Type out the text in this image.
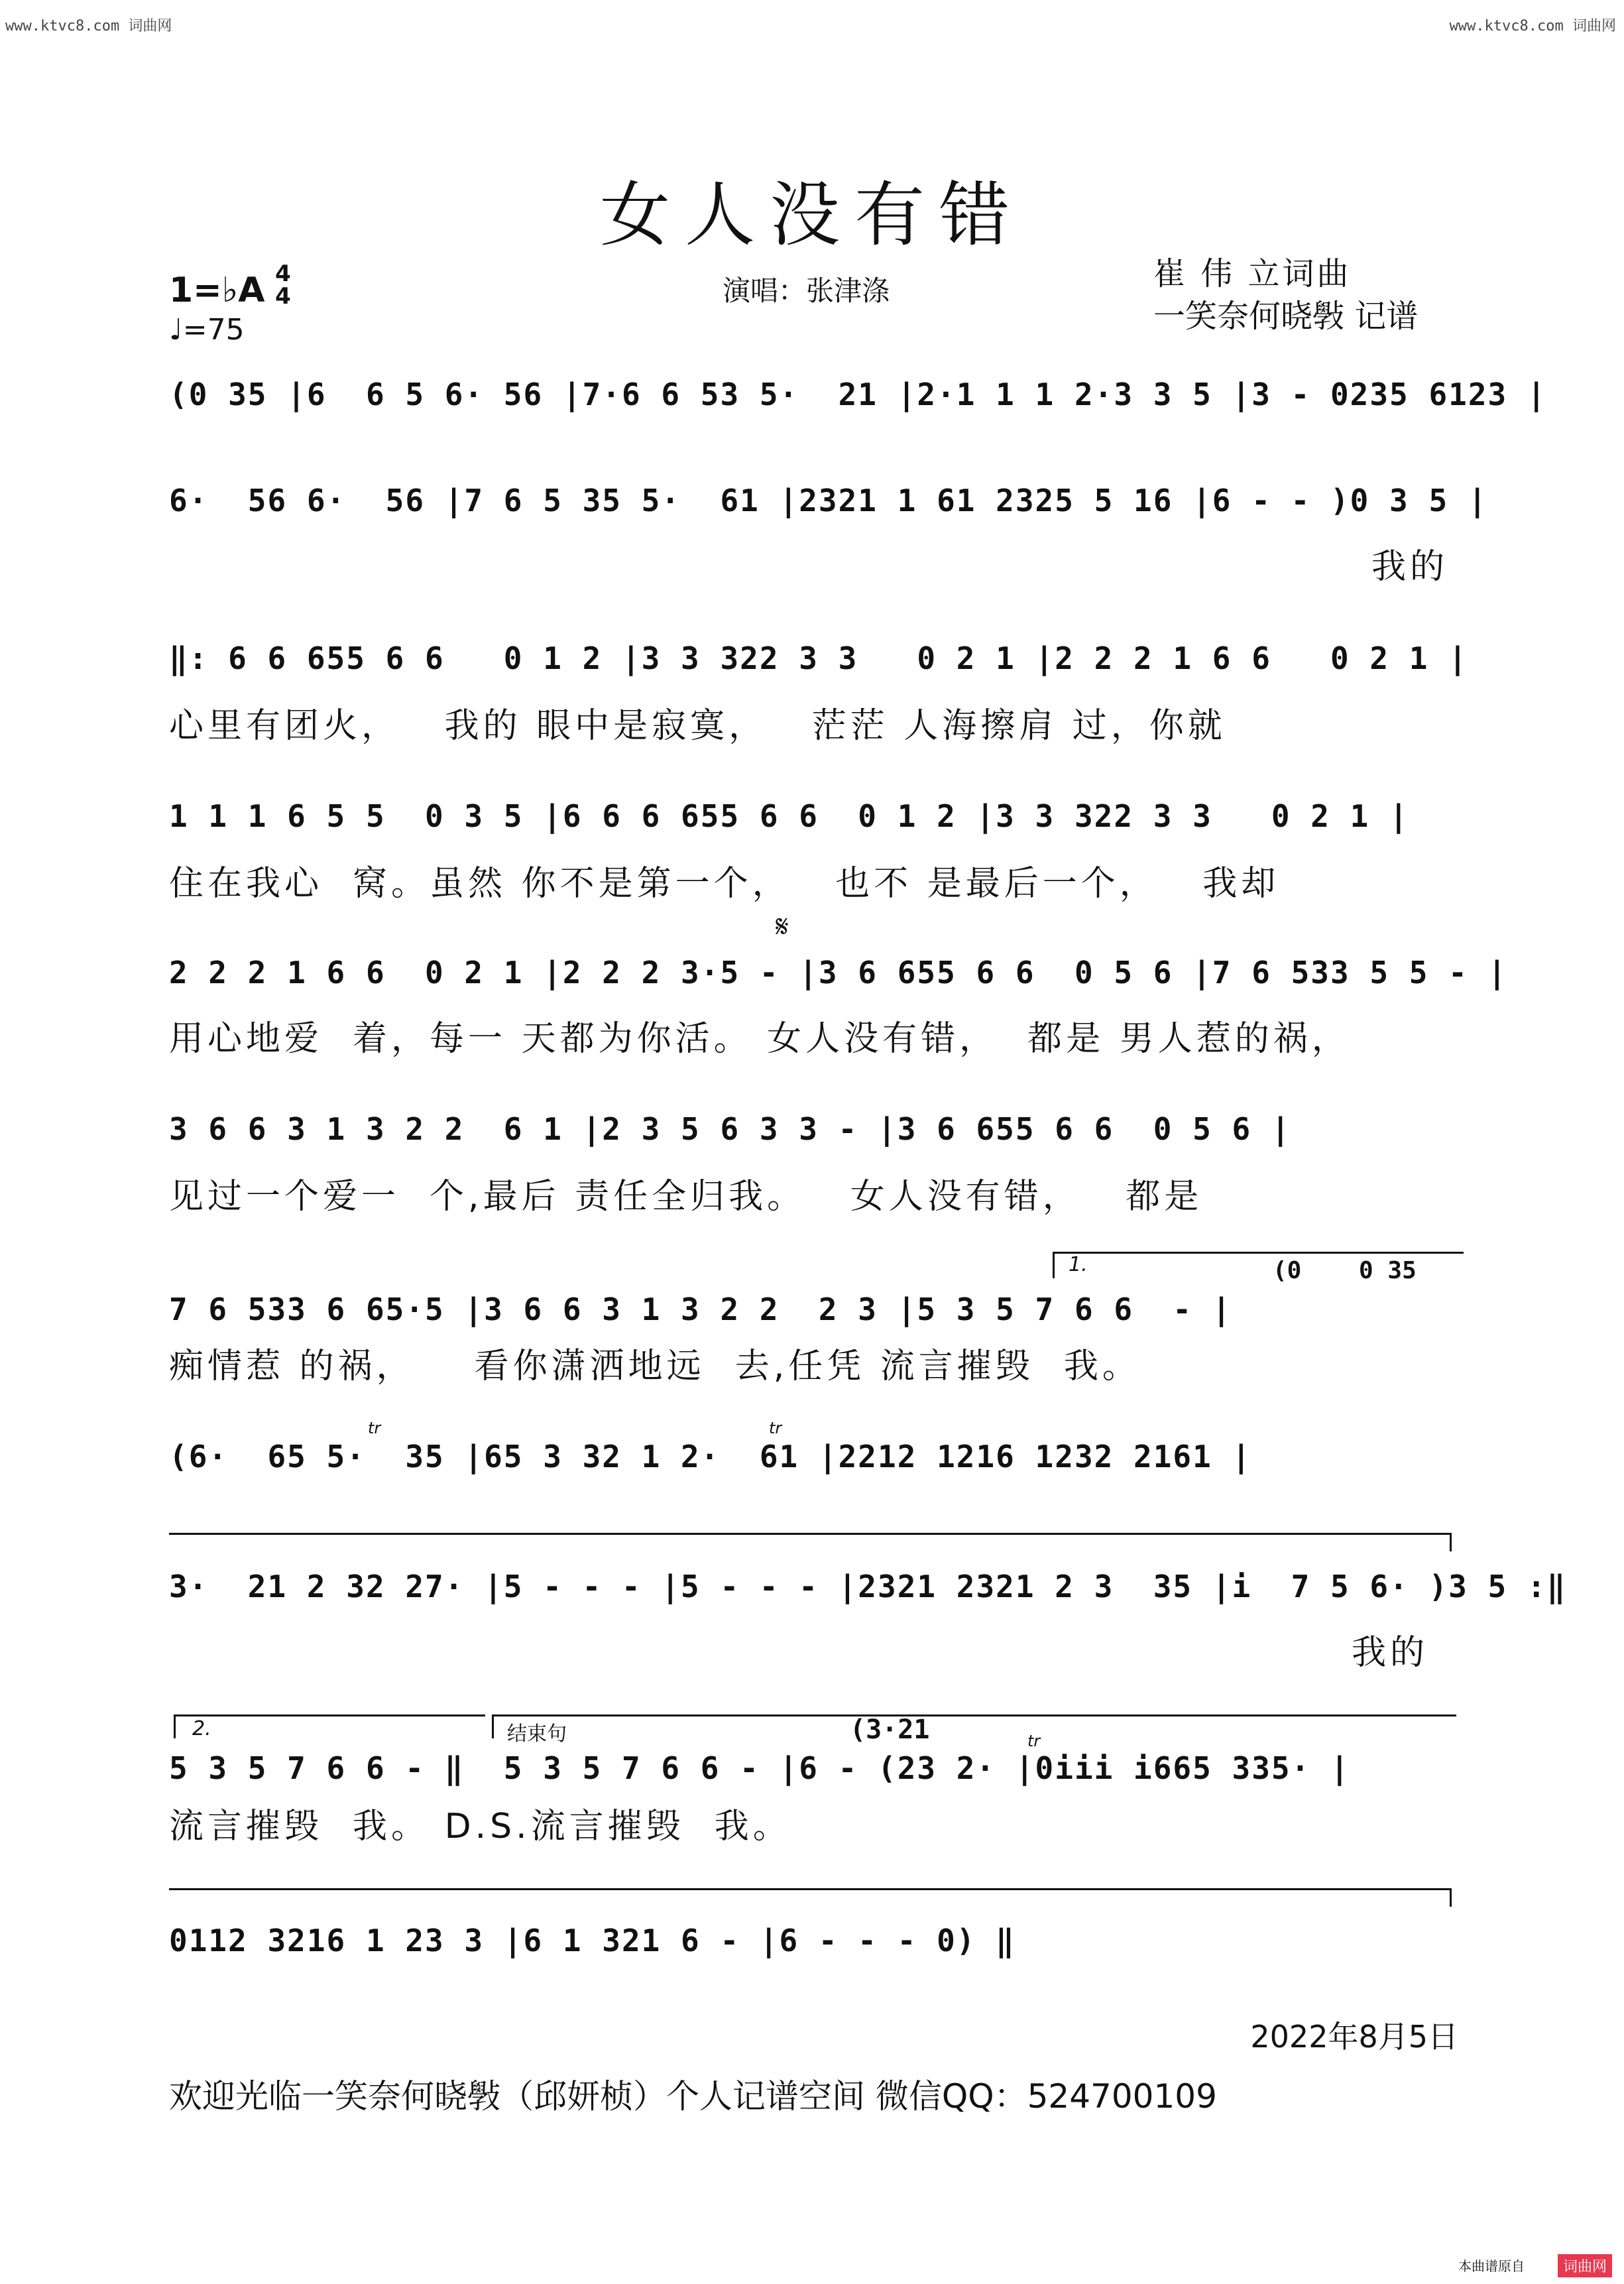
www.ktvc8.com 词曲网	www.ktvc8.com 词曲网
女人没有错
1=♭A 4
4
♩=75
演唱：张津涤	崔 伟 立词曲
一笑奈何晓斅 记谱
(0 35 |6  6 5 6· 56 |7·6 6 53 5·  21 |2·1 1 1 2·3 3 5 |3 - 0235 6123 |
6·  56 6·  56 |7 6 5 35 5·  61 |2321 1 61 2325 5 16 |6 - - )0 3 5 |
我的
‖: 6 6 655 6 6   0 1 2 |3 3 322 3 3   0 2 1 |2 2 2 1 6 6   0 2 1 |
心里有团火，   我的 眼中是寂寞，   茫茫 人海擦肩 过，你就
1 1 1 6 5 5  0 3 5 |6 6 6 655 6 6  0 1 2 |3 3 322 3 3   0 2 1 |
住在我心  窝。虽然 你不是第一个，   也不 是最后一个，   我却
𝄋
2 2 2 1 6 6  0 2 1 |2 2 2 3·5 - |3 6 655 6 6  0 5 6 |7 6 533 5 5 - |
用心地爱  着，每一 天都为你活。 女人没有错，  都是 男人惹的祸，
3 6 6 3 1 3 2 2  6 1 |2 3 5 6 3 3 - |3 6 655 6 6  0 5 6 |
见过一个爱一  个,最后 责任全归我。   女人没有错，   都是
1.	(0    0 35
7 6 533 6 65·5 |3 6 6 3 1 3 2 2  2 3 |5 3 5 7 6 6  - |
痴情惹 的祸，    看你潇洒地远  去,任凭 流言摧毁  我。
(6·  65 5·  35 |65 3 32 1 2·  61 |2212 1216 1232 2161 |
tr	tr
3·  21 2 32 27· |5 - - - |5 - - - |2321 2321 2 3  35 |i  7 5 6· )3 5 :‖
我的
2.	结束句	(3·21	tr
5 3 5 7 6 6 - ‖  5 3 5 7 6 6 - |6 - (23 2· |0iii i665 335· |
流言摧毁  我。 D.S.流言摧毁  我。
0112 3216 1 23 3 |6 1 321 6 - |6 - - - 0) ‖
2022年8月5日
欢迎光临一笑奈何晓斅（邱妍桢）个人记谱空间 微信QQ：524700109
本曲谱原自	词曲网
